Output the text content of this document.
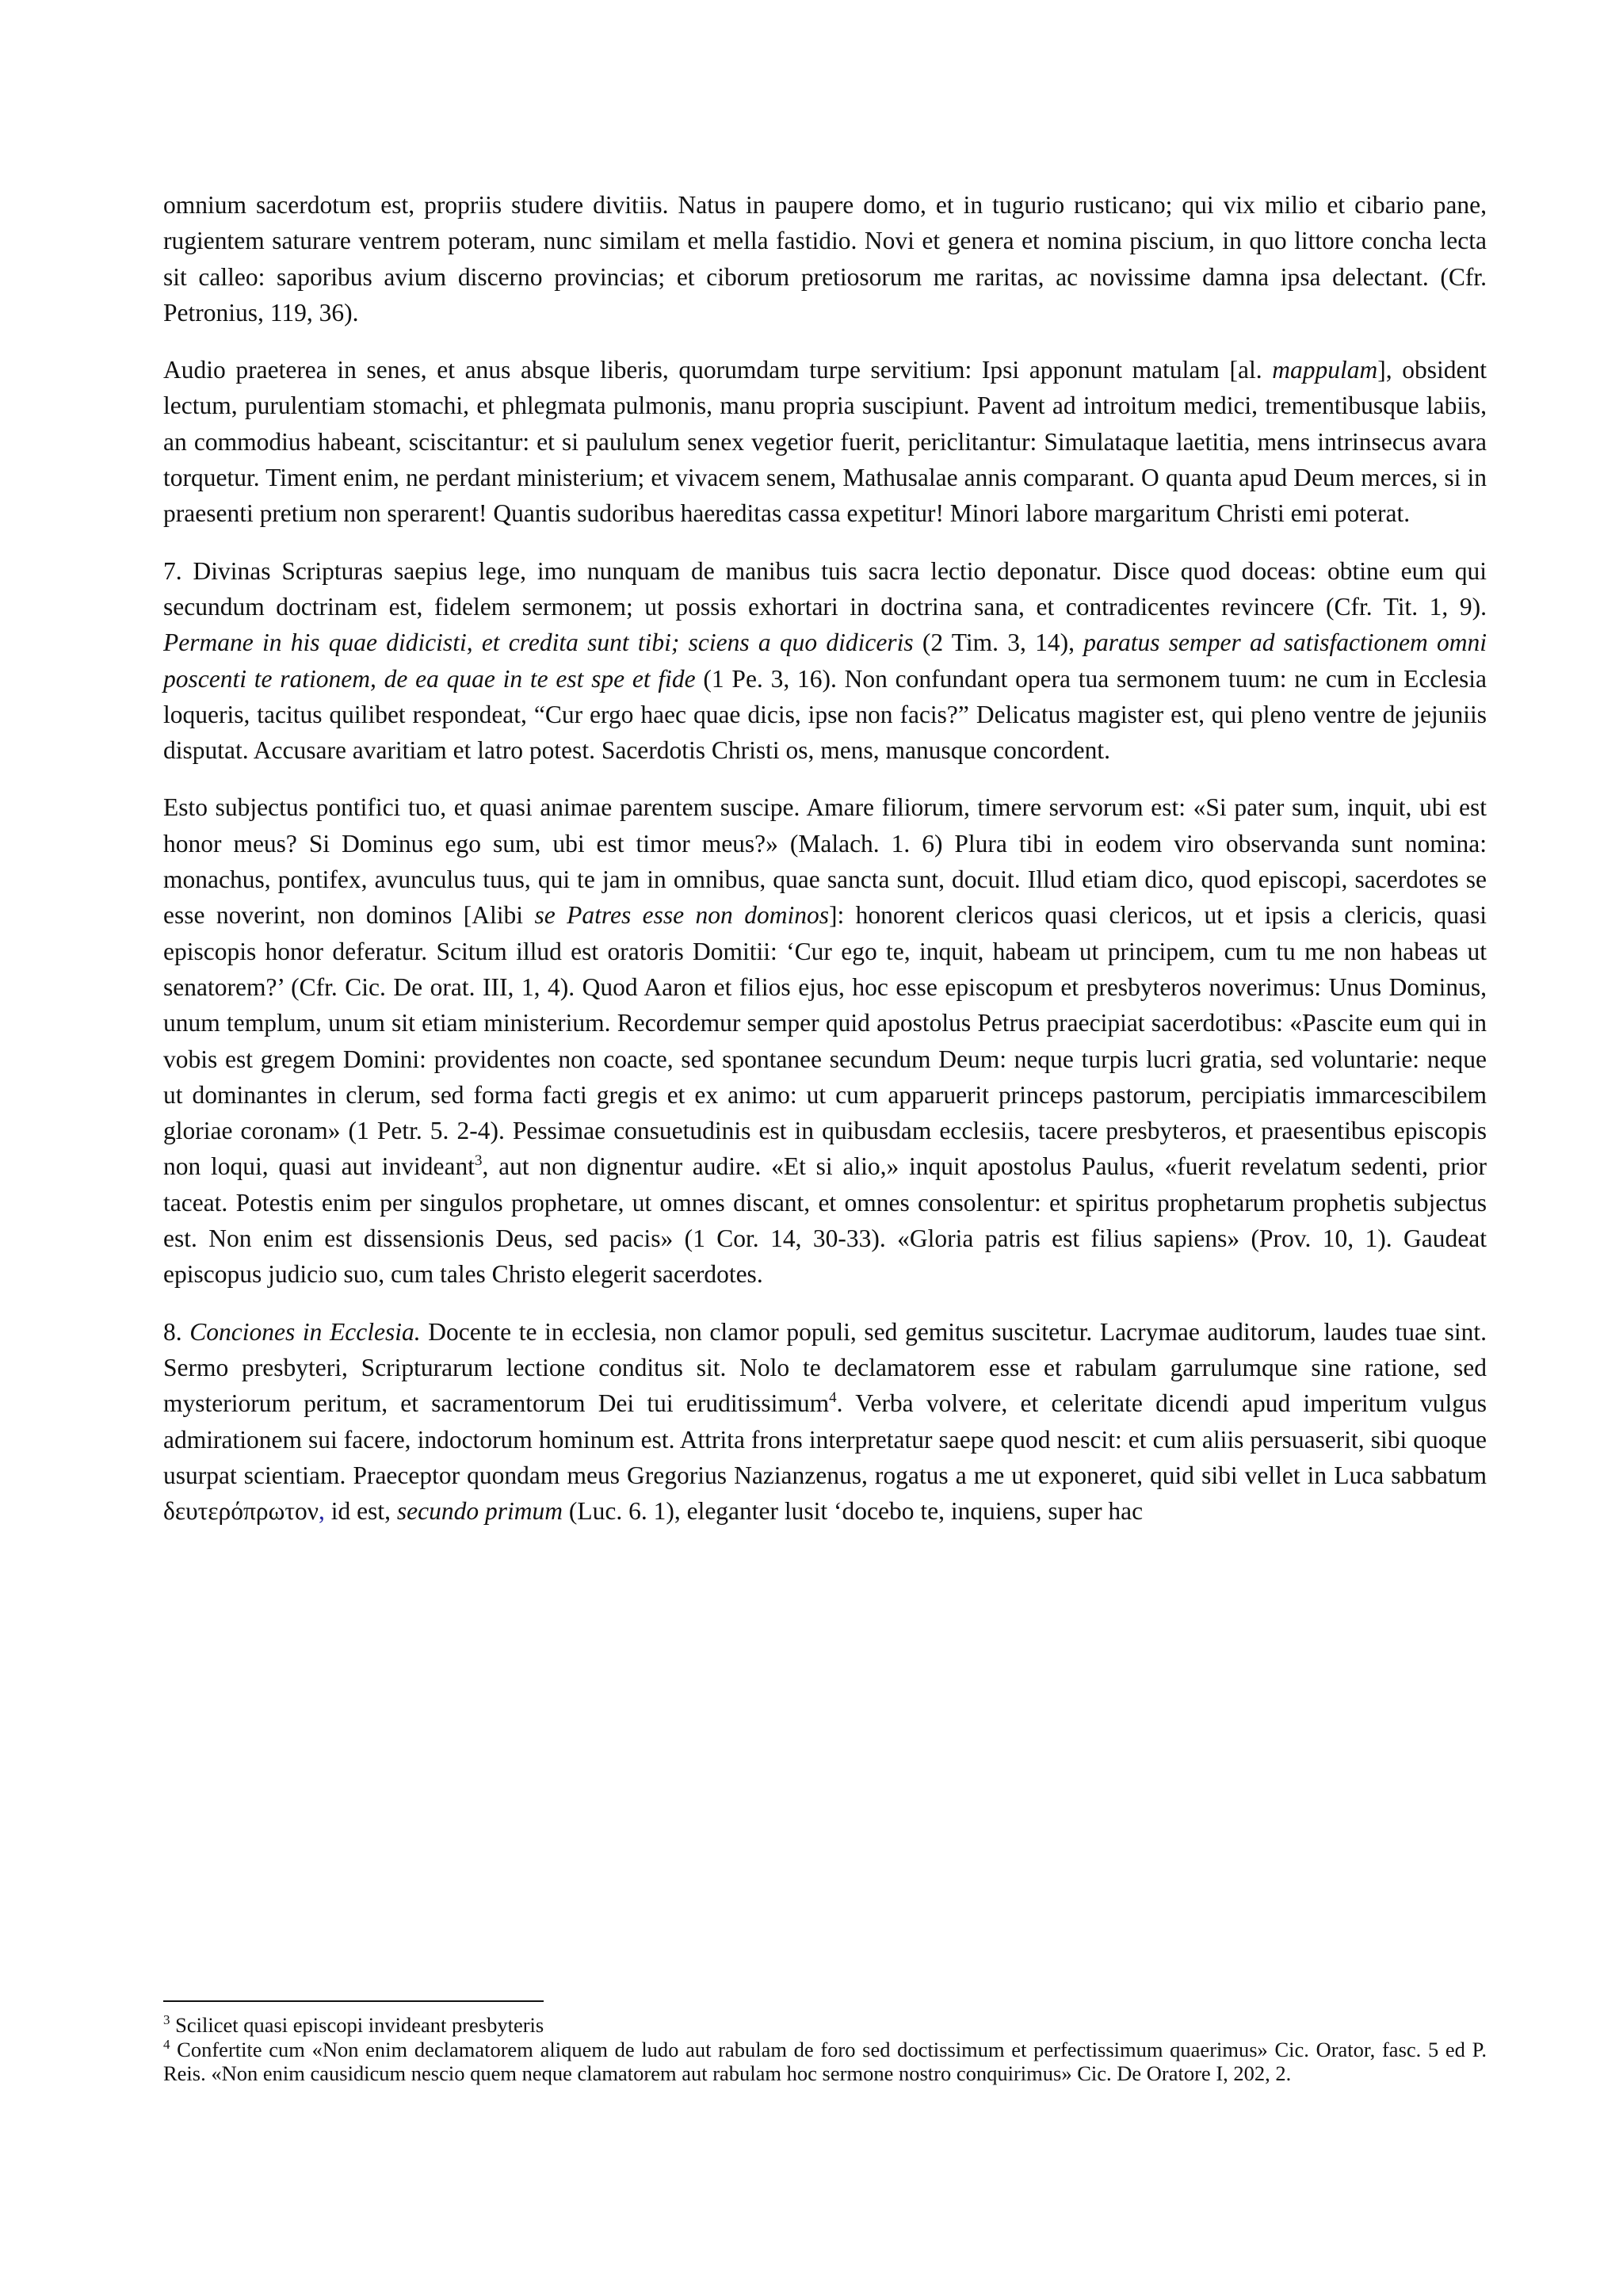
omnium sacerdotum est, propriis studere divitiis. Natus in paupere domo, et in tugurio rusticano; qui vix milio et cibario pane, rugientem saturare ventrem poteram, nunc similam et mella fastidio. Novi et genera et nomina piscium, in quo littore concha lecta sit calleo: saporibus avium discerno provincias; et ciborum pretiosorum me raritas, ac novissime damna ipsa delectant. (Cfr. Petronius, 119, 36).

Audio praeterea in senes, et anus absque liberis, quorumdam turpe servitium: Ipsi apponunt matulam [al. mappulam], obsident lectum, purulentiam stomachi, et phlegmata pulmonis, manu propria suscipiunt. Pavent ad introitum medici, trementibusque labiis, an commodius habeant, sciscitantur: et si paululum senex vegetior fuerit, periclitantur: Simulataque laetitia, mens intrinsecus avara torquetur. Timent enim, ne perdant ministerium; et vivacem senem, Mathusalae annis comparant. O quanta apud Deum merces, si in praesenti pretium non sperarent! Quantis sudoribus haereditas cassa expetitur! Minori labore margaritum Christi emi poterat.

7. Divinas Scripturas saepius lege, imo nunquam de manibus tuis sacra lectio deponatur. Disce quod doceas: obtine eum qui secundum doctrinam est, fidelem sermonem; ut possis exhortari in doctrina sana, et contradicentes revincere (Cfr. Tit. 1, 9). Permane in his quae didicisti, et credita sunt tibi; sciens a quo didiceris (2 Tim. 3, 14), paratus semper ad satisfactionem omni poscenti te rationem, de ea quae in te est spe et fide (1 Pe. 3, 16). Non confundant opera tua sermonem tuum: ne cum in Ecclesia loqueris, tacitus quilibet respondeat, “Cur ergo haec quae dicis, ipse non facis?” Delicatus magister est, qui pleno ventre de jejuniis disputat. Accusare avaritiam et latro potest. Sacerdotis Christi os, mens, manusque concordent.

Esto subjectus pontifici tuo, et quasi animae parentem suscipe. Amare filiorum, timere servorum est: «Si pater sum, inquit, ubi est honor meus? Si Dominus ego sum, ubi est timor meus?» (Malach. 1. 6) Plura tibi in eodem viro observanda sunt nomina: monachus, pontifex, avunculus tuus, qui te jam in omnibus, quae sancta sunt, docuit. Illud etiam dico, quod episcopi, sacerdotes se esse noverint, non dominos [Alibi se Patres esse non dominos]: honorent clericos quasi clericos, ut et ipsis a clericis, quasi episcopis honor deferatur. Scitum illud est oratoris Domitii: ‘Cur ego te, inquit, habeam ut principem, cum tu me non habeas ut senatorem?’ (Cfr. Cic. De orat. III, 1, 4). Quod Aaron et filios ejus, hoc esse episcopum et presbyteros noverimus: Unus Dominus, unum templum, unum sit etiam ministerium. Recordemur semper quid apostolus Petrus praecipiat sacerdotibus: «Pascite eum qui in vobis est gregem Domini: providentes non coacte, sed spontanee secundum Deum: neque turpis lucri gratia, sed voluntarie: neque ut dominantes in clerum, sed forma facti gregis et ex animo: ut cum apparuerit princeps pastorum, percipiatis immarcescibilem gloriae coronam» (1 Petr. 5. 2-4). Pessimae consuetudinis est in quibusdam ecclesiis, tacere presbyteros, et praesentibus episcopis non loqui, quasi aut invideant$^3$, aut non dignentur audire. «Et si alio,» inquit apostolus Paulus, «fuerit revelatum sedenti, prior taceat. Potestis enim per singulos prophetare, ut omnes discant, et omnes consolentur: et spiritus prophetarum prophetis subjectus est. Non enim est dissensionis Deus, sed pacis» (1 Cor. 14, 30-33). «Gloria patris est filius sapiens» (Prov. 10, 1). Gaudeat episcopus judicio suo, cum tales Christo elegerit sacerdotes.

8. Conciones in Ecclesia. Docente te in ecclesia, non clamor populi, sed gemitus suscitetur. Lacrymae auditorum, laudes tuae sint. Sermo presbyteri, Scripturarum lectione conditus sit. Nolo te declamatorem esse et rabulam garrulumque sine ratione, sed mysteriorum peritum, et sacramentorum Dei tui eruditissimum$^4$. Verba volvere, et celeritate dicendi apud imperitum vulgus admirationem sui facere, indoctorum hominum est. Attrita frons interpretatur saepe quod nescit: et cum aliis persuaserit, sibi quoque usurpat scientiam. Praeceptor quondam meus Gregorius Nazianzenus, rogatus a me ut exponeret, quid sibi vellet in Luca sabbatum δευτερόπρωτον, id est, secundo primum (Luc. 6. 1), eleganter lusit ‘docebo te, inquiens, super hac

$^3$ Scilicet quasi episcopi invideant presbyteris

$^4$ Confertite cum «Non enim declamatorem aliquem de ludo aut rabulam de foro sed doctissimum et perfectissimum quaerimus» Cic. Orator, fasc. 5 ed P. Reis. «Non enim causidicum nescio quem neque clamatorem aut rabulam hoc sermone nostro conquirimus» Cic. De Oratore I, 202, 2.
